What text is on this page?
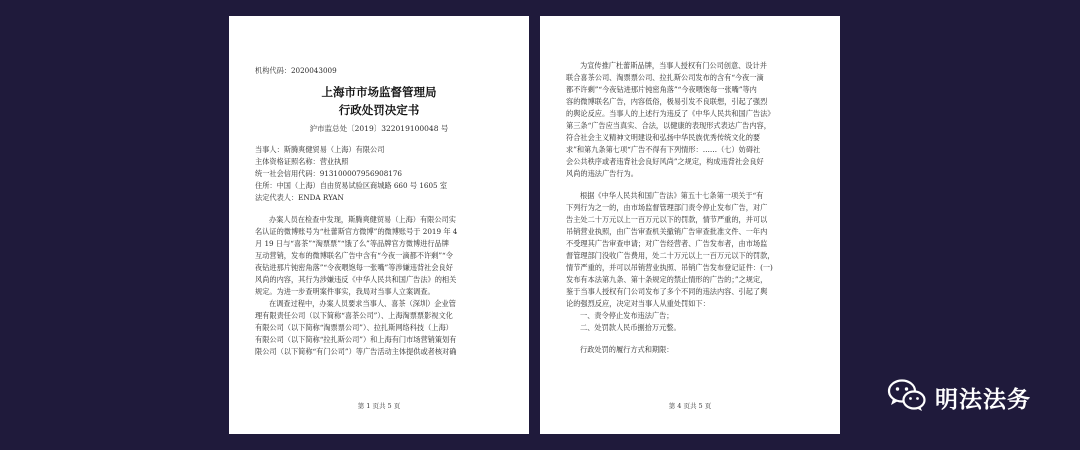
机构代码：2020043009
上海市市场监督管理局
行政处罚决定书
沪市监总处〔2019〕322019100048 号
当事人：斯腾爽健贸易（上海）有限公司
主体资格证照名称：营业执照
统一社会信用代码：91310000795690817​6
住所：中国（上海）自由贸易试验区商城路 660 号 1605 室
法定代表人：ENDA RYAN
办案人员在检查中发现，斯腾爽健贸易（上海）有限公司实
名认证的微博账号为“杜蕾斯官方微博”的微博账号于 2019 年 4
月 19 日与“喜茶”“淘票票”“饿了么”等品牌官方微博进行品牌
互动营销，发布的微博联名广告中含有“今夜一滴都不许剩”“令
夜钻进那片钝密角落”“令夜喂饱每一张嘴”等涉嫌违背社会良好
风尚的内容，其行为涉嫌违反《中华人民共和国广告法》的相关
规定。为进一步查明案件事实，我局对当事人立案调查。
在调查过程中，办案人员要求当事人、喜茶（深圳）企业管
理有限责任公司（以下简称“喜茶公司”）、上海淘票票影视文化
有限公司（以下简称“淘票票公司”）、拉扎斯网络科技（上海）
有限公司（以下简称“拉扎斯公司”）和上海有门市场营销策划有
限公司（以下简称“有门公司”）等广告活动主体提供或者核对确
第 1 页共 5 页
为宣传推广杜蕾斯品牌，当事人授权有门公司创意、设计并
联合喜茶公司、淘票票公司、拉扎斯公司发布的含有“今夜一滴
都不许剩”“今夜钻进那片钝密角落”“今夜喂饱每一张嘴”等内
容的微博联名广告，内容低俗，极易引发不良联想，引起了强烈
的舆论反应。当事人的上述行为违反了《中华人民共和国广告法》
第三条“广告应当真实、合法，以健康的表现形式表达广告内容，
符合社会主义精神文明建设和弘扬中华民族优秀传统文化的要
求”和第九条第七项“广告不得有下列情形：……（七）妨碍社
会公共秩序或者违背社会良好风尚”之规定，构成违背社会良好
风尚的违法广告行为。
根据《中华人民共和国广告法》第五十七条第一项关于“有
下列行为之一的，由市场监督管理部门责令停止发布广告，对广
告主处二十万元以上一百万元以下的罚款，情节严重的，并可以
吊销营业执照，由广告审查机关撤销广告审查批准文件、一年内
不受理其广告审查申请；对广告经营者、广告发布者，由市场监
督管理部门没收广告费用，处二十万元以上一百万元以下的罚款，
情节严重的，并可以吊销营业执照、吊销广告发布登记证件：(一)
发布有本法第九条、第十条规定的禁止情形的广告的；”之规定，
鉴于当事人授权有门公司发布了多个不同的违法内容、引起了舆
论的强烈反应，决定对当事人从重处罚如下：
一、责令停止发布违法广告；
二、处罚款人民币捌拾万元整。
行政处罚的履行方式和期限：
第 4 页共 5 页	明法法务
